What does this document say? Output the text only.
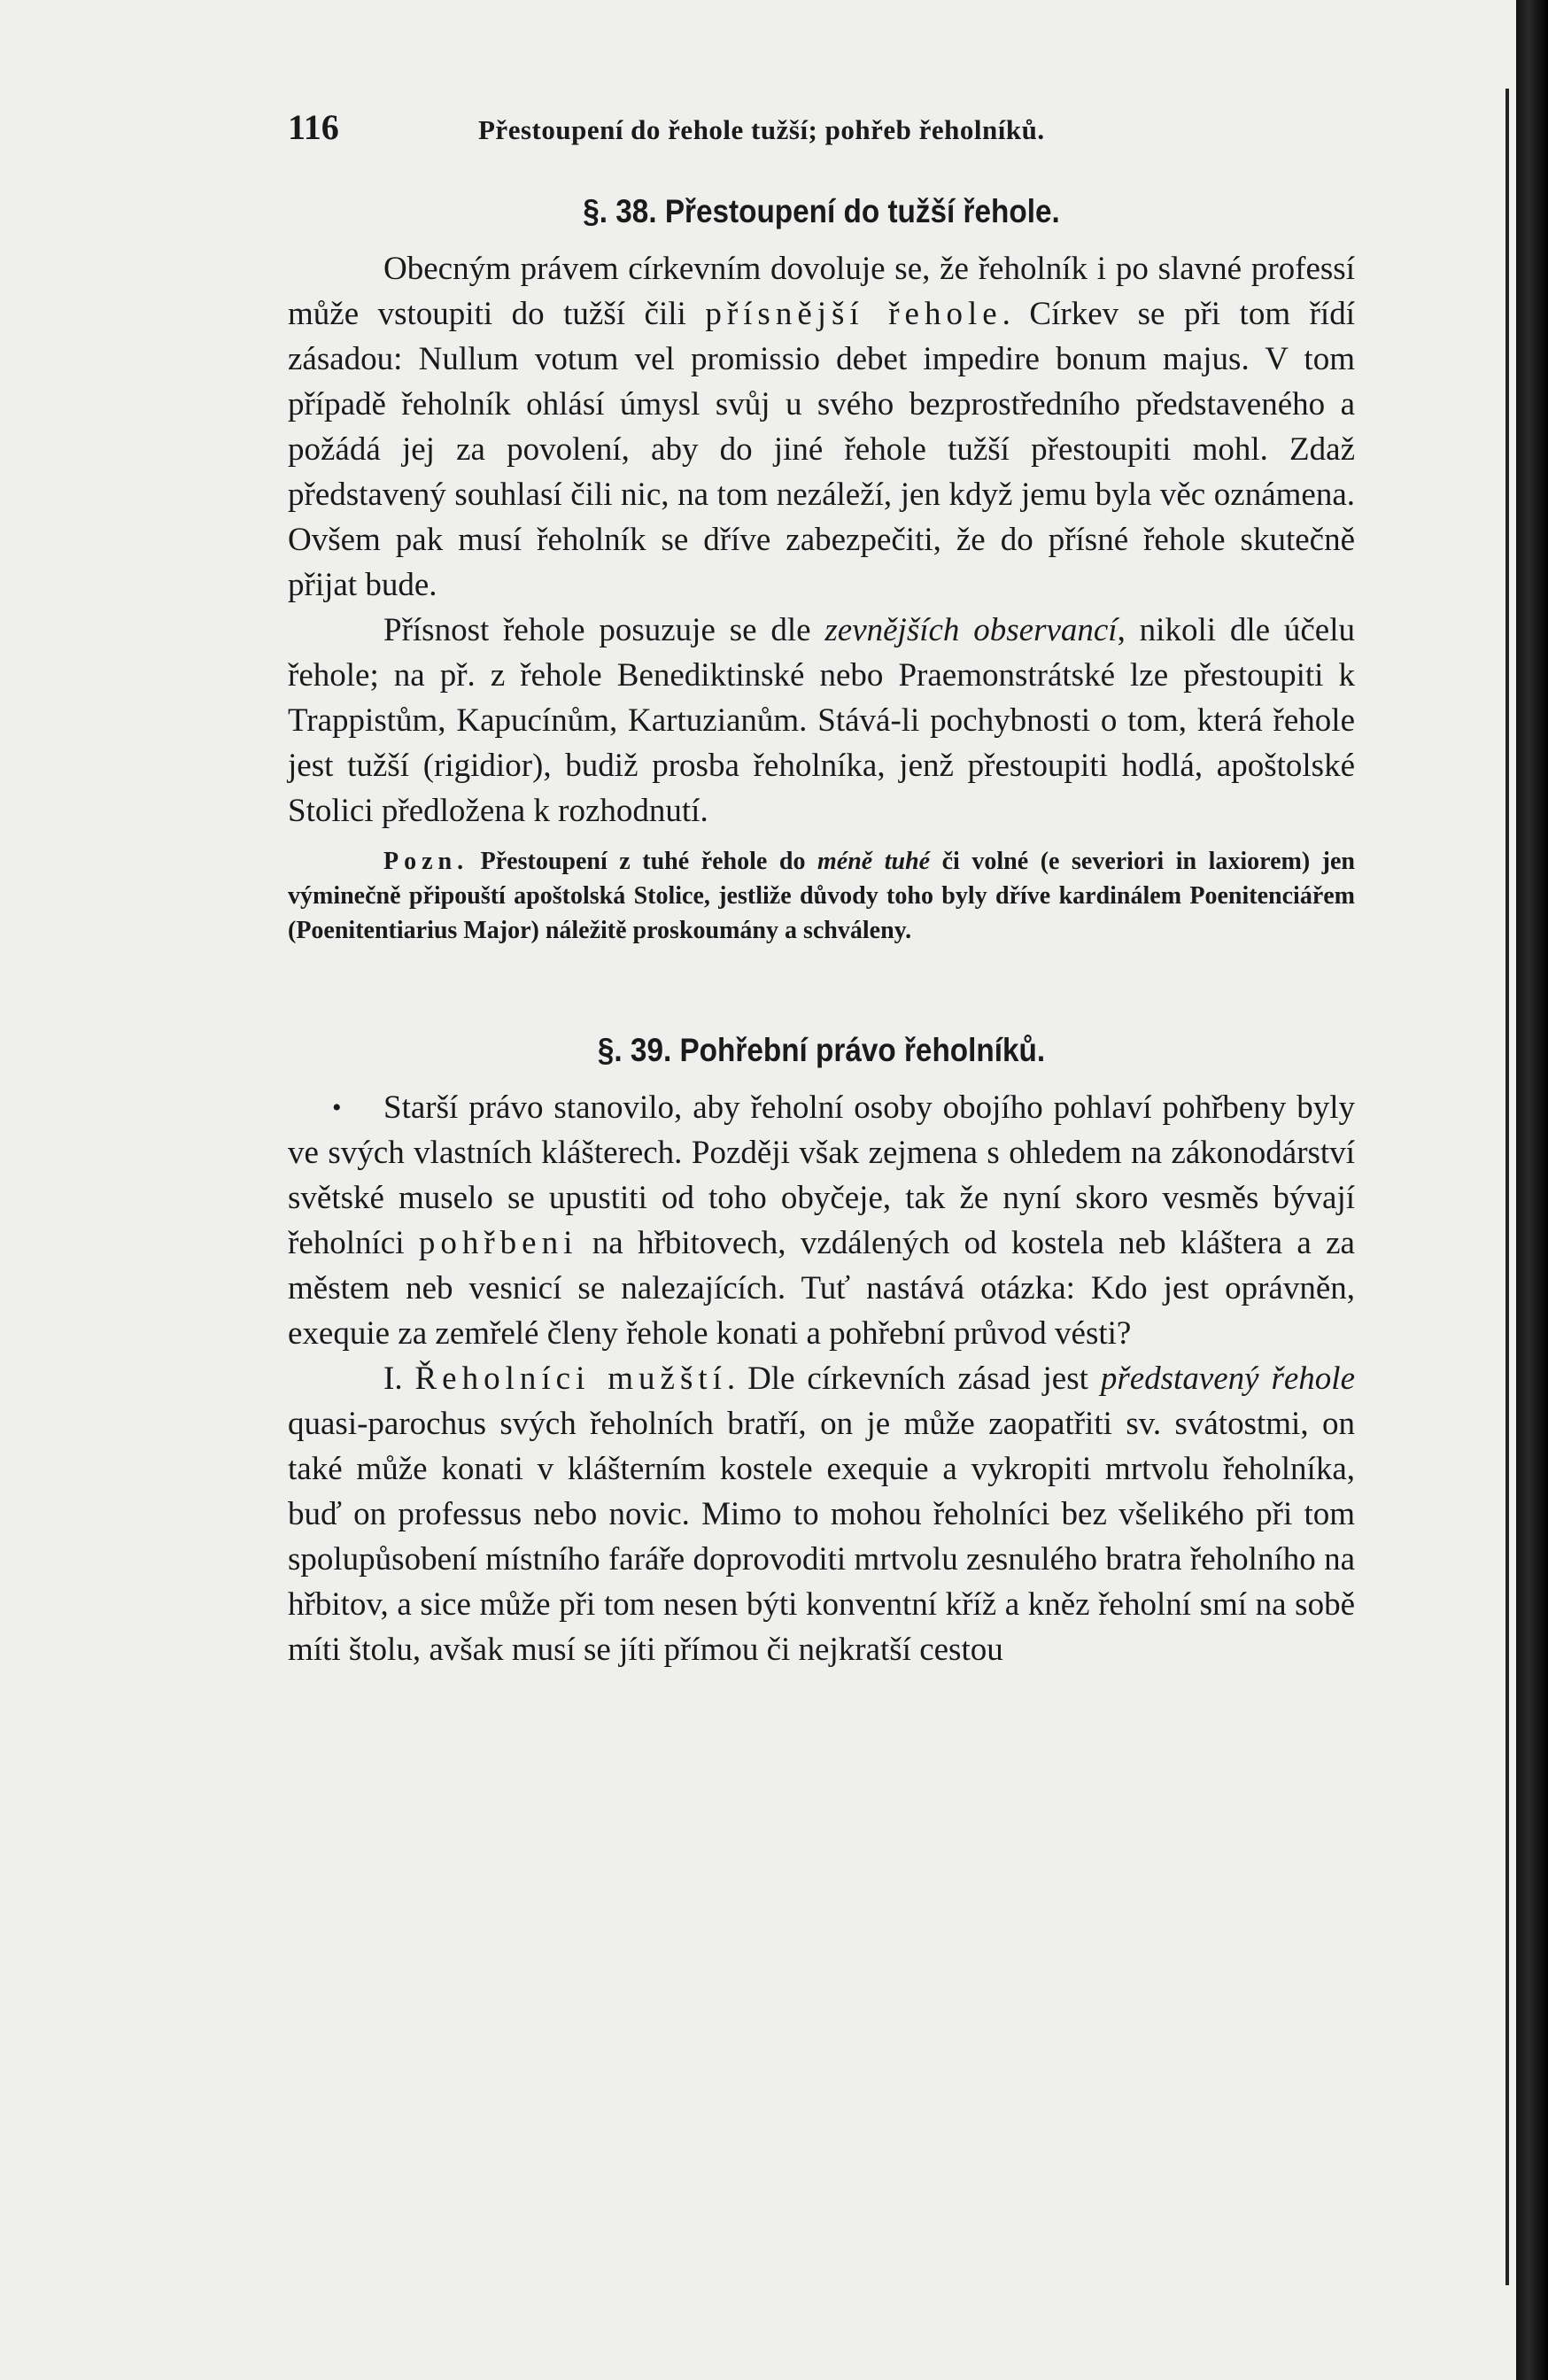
116	Přestoupení do řehole tužší; pohřeb řeholníků.
§. 38. Přestoupení do tužší řehole.

Obecným právem církevním dovoluje se, že řeholník i po slavné professí může vstoupiti do tužší čili přísnější řehole. Církev se při tom řídí zásadou: Nullum votum vel promissio debet impedire bonum majus. V tom případě řeholník ohlásí úmysl svůj u svého bezprostředního představeného a požádá jej za povolení, aby do jiné řehole tužší přestoupiti mohl. Zdaž představený souhlasí čili nic, na tom nezáleží, jen když jemu byla věc oznámena. Ovšem pak musí řeholník se dříve zabezpečiti, že do přísné řehole skutečně přijat bude.

Přísnost řehole posuzuje se dle zevnějších observancí, nikoli dle účelu řehole; na př. z řehole Benediktinské nebo Praemonstrátské lze přestoupiti k Trappistům, Kapucínům, Kartuzianům. Stává-li pochybnosti o tom, která řehole jest tužší (rigidior), budiž prosba řeholníka, jenž přestoupiti hodlá, apoštolské Stolici předložena k rozhodnutí.

Pozn. Přestoupení z tuhé řehole do méně tuhé či volné (e severiori in laxiorem) jen výminečně připouští apoštolská Stolice, jestliže důvody toho byly dříve kardinálem Poenitenciářem (Poenitentiarius Major) náležitě proskoumány a schváleny.

§. 39. Pohřební právo řeholníků.

• Starší právo stanovilo, aby řeholní osoby obojího pohlaví pohřbeny byly ve svých vlastních klášterech. Později však zejmena s ohledem na zákonodárství světské muselo se upustiti od toho obyčeje, tak že nyní skoro vesměs bývají řeholníci pohřbeni na hřbitovech, vzdálených od kostela neb kláštera a za městem neb vesnicí se nalezajících. Tuť nastává otázka: Kdo jest oprávněn, exequie za zemřelé členy řehole konati a pohřební průvod vésti?

I. Řeholníci mužští. Dle církevních zásad jest představený řehole quasi-parochus svých řeholních bratří, on je může zaopatřiti sv. svátostmi, on také může konati v klášterním kostele exequie a vykropiti mrtvolu řeholníka, buď on professus nebo novic. Mimo to mohou řeholníci bez všelikého při tom spolupůsobení místního faráře doprovoditi mrtvolu zesnulého bratra řeholního na hřbitov, a sice může při tom nesen býti konventní kříž a kněz řeholní smí na sobě míti štolu, avšak musí se jíti přímou či nejkratší cestou
